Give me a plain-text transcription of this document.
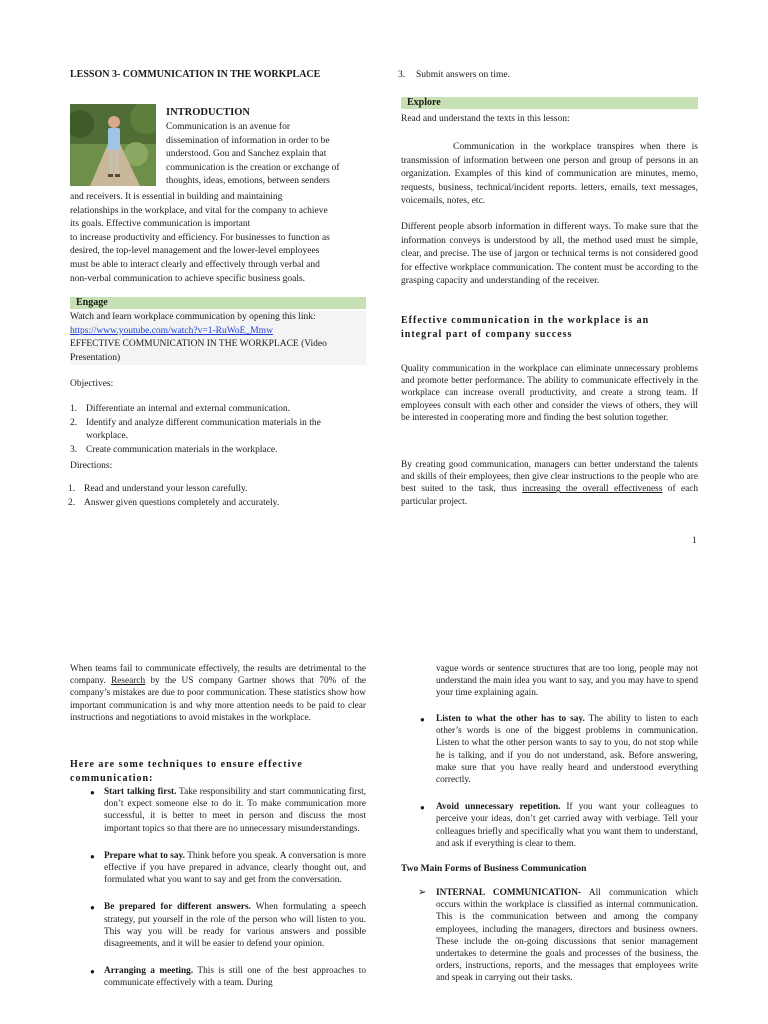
LESSON 3- COMMUNICATION IN THE WORKPLACE

INTRODUCTION

Communication is an avenue for
dissemination of information in order to be
understood. Gou and Sanchez explain that
communication is the creation or exchange of
thoughts, ideas, emotions, between senders
and receivers. It is essential in building and maintaining
relationships in the workplace, and vital for the company to achieve
its goals. Effective communication is important
to increase productivity and efficiency. For businesses to function as
desired, the top-level management and the lower-level employees
must be able to interact clearly and effectively through verbal and
non-verbal communication to achieve specific business goals.
Engage
Watch and learn workplace communication by opening this link:
https://www.youtube.com/watch?v=1-RuWoE_Mmw
EFFECTIVE COMMUNICATION IN THE WORKPLACE (Video Presentation)

Objectives:

1. Differentiate an internal and external communication.
2. Identify and analyze different communication materials in the workplace.
3. Create communication materials in the workplace.

Directions:

1. Read and understand your lesson carefully.
2. Answer given questions completely and accurately.
3.	Submit answers on time.
Explore

Read and understand the texts in this lesson:

Communication in the workplace transpires when there is transmission of information between one person and group of persons in an organization. Examples of this kind of communication are minutes, memo, requests, business, technical/incident reports. letters, emails, text messages, voicemails, notes, etc.

Different people absorb information in different ways. To make sure that the information conveys is understood by all, the method used must be simple, clear, and precise. The use of jargon or technical terms is not considered good for effective workplace communication. The content must be according to the grasping capacity and understanding of the receiver.

Effective communication in the workplace is an integral part of company success

Quality communication in the workplace can eliminate unnecessary problems and promote better performance. The ability to communicate effectively in the workplace can increase overall productivity, and create a strong team. If employees consult with each other and consider the views of others, they will be interested in cooperating more and finding the best solution together.

By creating good communication, managers can better understand the talents and skills of their employees, then give clear instructions to the people who are best suited to the task, thus increasing the overall effectiveness of each particular project.

1

When teams fail to communicate effectively, the results are detrimental to the company. Research by the US company Gartner shows that 70% of the company’s mistakes are due to poor communication. These statistics show how important communication is and why more attention needs to be paid to clear instructions and negotiations to avoid mistakes in the workplace.

Here are some techniques to ensure effective communication:

● Start talking first. Take responsibility and start communicating first, don’t expect someone else to do it. To make communication more successful, it is better to meet in person and discuss the most important topics so that there are no unnecessary misunderstandings.

● Prepare what to say. Think before you speak. A conversation is more effective if you have prepared in advance, clearly thought out, and formulated what you want to say and get from the conversation.

● Be prepared for different answers. When formulating a speech strategy, put yourself in the role of the person who will listen to you. This way you will be ready for various answers and possible disagreements, and it will be easier to defend your opinion.

● Arranging a meeting. This is still one of the best approaches to communicate effectively with a team. During

vague words or sentence structures that are too long, people may not understand the main idea you want to say, and you may have to spend your time explaining again.

●	Listen to what the other has to say. The ability to listen to each other’s words is one of the biggest problems in communication. Listen to what the other person wants to say to you, do not stop while he is talking, and if you do not understand, ask. Before answering, make sure that you have really heard and understood everything correctly.

●	Avoid unnecessary repetition. If you want your colleagues to perceive your ideas, don’t get carried away with verbiage. Tell your colleagues briefly and specifically what you want them to understand, and ask if everything is clear to them.

Two Main Forms of Business Communication

➢	INTERNAL COMMUNICATION- All communication which occurs within the workplace is classified as internal communication. This is the communication between and among the company employees, including the managers, directors and business owners. These include the on-going discussions that senior management undertakes to determine the goals and processes of the business, the orders, instructions, reports, and the messages that employees write and speak in carrying out their tasks.
